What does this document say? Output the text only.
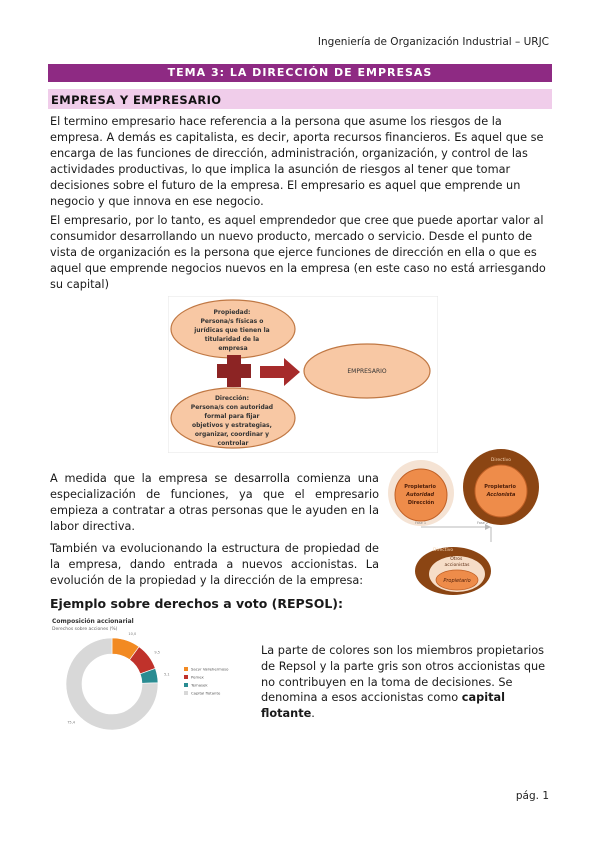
Ingeniería de Organización Industrial – URJC
TEMA 3: LA DIRECCIÓN DE EMPRESAS
EMPRESA Y EMPRESARIO

El termino empresario hace referencia a la persona que asume los riesgos de la empresa. A demás es capitalista, es decir, aporta recursos financieros. Es aquel que se encarga de las funciones de dirección, administración, organización, y control de las actividades productivas, lo que implica la asunción de riesgos al tener que tomar decisiones sobre el futuro de la empresa. El empresario es aquel que emprende un negocio y que innova en ese negocio.

El empresario, por lo tanto, es aquel emprendedor que cree que puede aportar valor al consumidor desarrollando un nuevo producto, mercado o servicio. Desde el punto de vista de organización es la persona que ejerce funciones de dirección en ella o que es aquel que emprende negocios nuevos en la empresa (en este caso no está arriesgando su capital)

Propiedad: Persona/s físicas o jurídicas que tienen la titularidad de la empresa
EMPRESARIO
Dirección: Persona/s con autoridad formal para fijar objetivos y estrategias, organizar, coordinar y controlar

A medida que la empresa se desarrolla comienza una especialización de funciones, ya que el empresario empieza a contratar a otras personas que le ayuden en la labor directiva.

También va evolucionando la estructura de propiedad de la empresa, dando entrada a nuevos accionistas. La evolución de la propiedad y la dirección de la empresa:

Propietario Autoridad Dirección
Directivo
Propietario Accionista
Fase 1	Fase 2
Directivo
Otros accionistas
Propietario
Ejemplo sobre derechos a voto (REPSOL):
Composición accionarial
Derechos sobre acciones (%)
10,0
9,5
5,1
75,4
Sacyr Vallehermoso
Pemex
Temasek
Capital flotante

La parte de colores son los miembros propietarios de Repsol y la parte gris son otros accionistas que no contribuyen en la toma de decisiones. Se denomina a esos accionistas como capital flotante.

pág. 1
